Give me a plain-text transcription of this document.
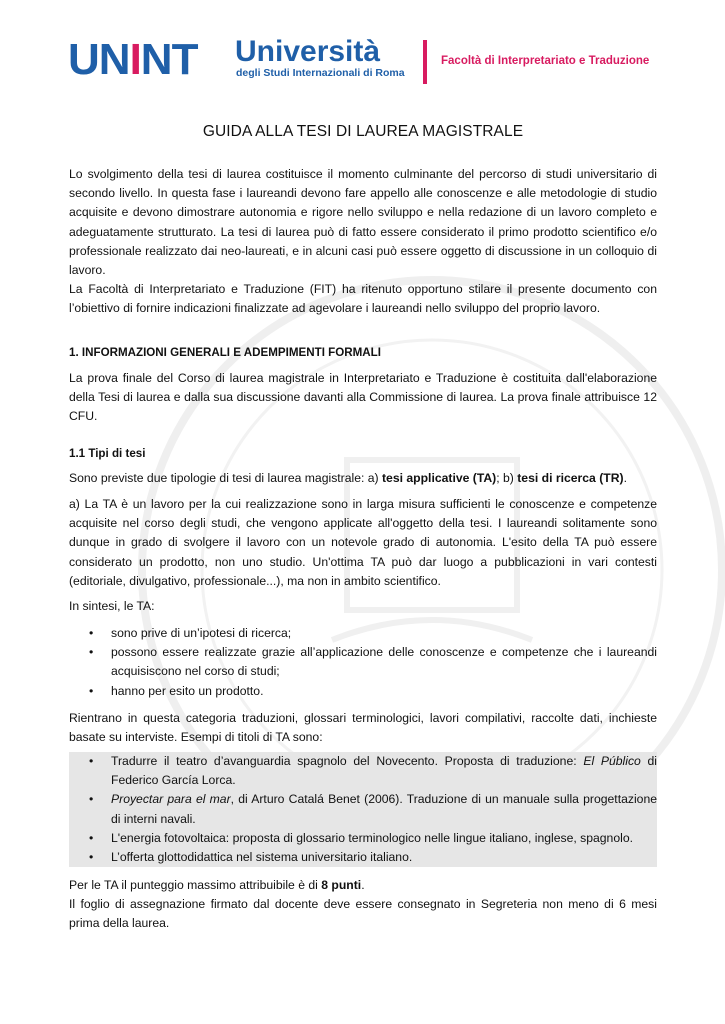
UNINT Università
degli Studi Internazionali di Roma
Facoltà di Interpretariato e Traduzione
GUIDA ALLA TESI DI LAUREA MAGISTRALE

Lo svolgimento della tesi di laurea costituisce il momento culminante del percorso di studi universitario di secondo livello. In questa fase i laureandi devono fare appello alle conoscenze e alle metodologie di studio acquisite e devono dimostrare autonomia e rigore nello sviluppo e nella redazione di un lavoro completo e adeguatamente strutturato. La tesi di laurea può di fatto essere considerato il primo prodotto scientifico e/o professionale realizzato dai neo-laureati, e in alcuni casi può essere oggetto di discussione in un colloquio di lavoro.

La Facoltà di Interpretariato e Traduzione (FIT) ha ritenuto opportuno stilare il presente documento con l’obiettivo di fornire indicazioni finalizzate ad agevolare i laureandi nello sviluppo del proprio lavoro.

1. INFORMAZIONI GENERALI E ADEMPIMENTI FORMALI

La prova finale del Corso di laurea magistrale in Interpretariato e Traduzione è costituita dall'elaborazione della Tesi di laurea e dalla sua discussione davanti alla Commissione di laurea. La prova finale attribuisce 12 CFU.

1.1 Tipi di tesi

Sono previste due tipologie di tesi di laurea magistrale: a) tesi applicative (TA); b) tesi di ricerca (TR).

a) La TA è un lavoro per la cui realizzazione sono in larga misura sufficienti le conoscenze e competenze acquisite nel corso degli studi, che vengono applicate all'oggetto della tesi. I laureandi solitamente sono dunque in grado di svolgere il lavoro con un notevole grado di autonomia. L'esito della TA può essere considerato un prodotto, non uno studio. Un'ottima TA può dar luogo a pubblicazioni in vari contesti (editoriale, divulgativo, professionale...), ma non in ambito scientifico.

In sintesi, le TA:

• sono prive di un’ipotesi di ricerca;
• possono essere realizzate grazie all’applicazione delle conoscenze e competenze che i laureandi acquisiscono nel corso di studi;
• hanno per esito un prodotto.

Rientrano in questa categoria traduzioni, glossari terminologici, lavori compilativi, raccolte dati, inchieste basate su interviste. Esempi di titoli di TA sono:

• Tradurre il teatro d’avanguardia spagnolo del Novecento. Proposta di traduzione: El Público di Federico García Lorca.
• Proyectar para el mar, di Arturo Catalá Benet (2006). Traduzione di un manuale sulla progettazione di interni navali.
• L'energia fotovoltaica: proposta di glossario terminologico nelle lingue italiano, inglese, spagnolo.
• L’offerta glottodidattica nel sistema universitario italiano.

Per le TA il punteggio massimo attribuibile è di 8 punti.

Il foglio di assegnazione firmato dal docente deve essere consegnato in Segreteria non meno di 6 mesi prima della laurea.
